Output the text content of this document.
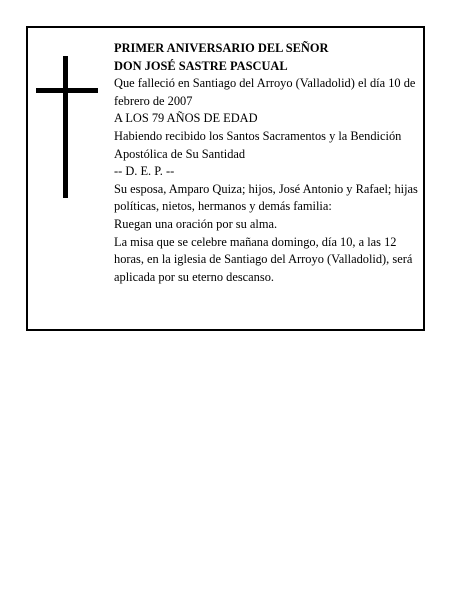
PRIMER ANIVERSARIO DEL SEÑOR

DON JOSÉ SASTRE PASCUAL

Que falleció en Santiago del Arroyo (Valladolid) el día 10 de febrero de 2007

A LOS 79 AÑOS DE EDAD

Habiendo recibido los Santos Sacramentos y la Bendición Apostólica de Su Santidad

-- D. E. P. --

Su esposa, Amparo Quiza; hijos, José Antonio y Rafael; hijas políticas, nietos, hermanos y demás familia:

Ruegan una oración por su alma.

La misa que se celebre mañana domingo, día 10, a las 12 horas, en la iglesia de Santiago del Arroyo (Valladolid), será aplicada por su eterno descanso.
